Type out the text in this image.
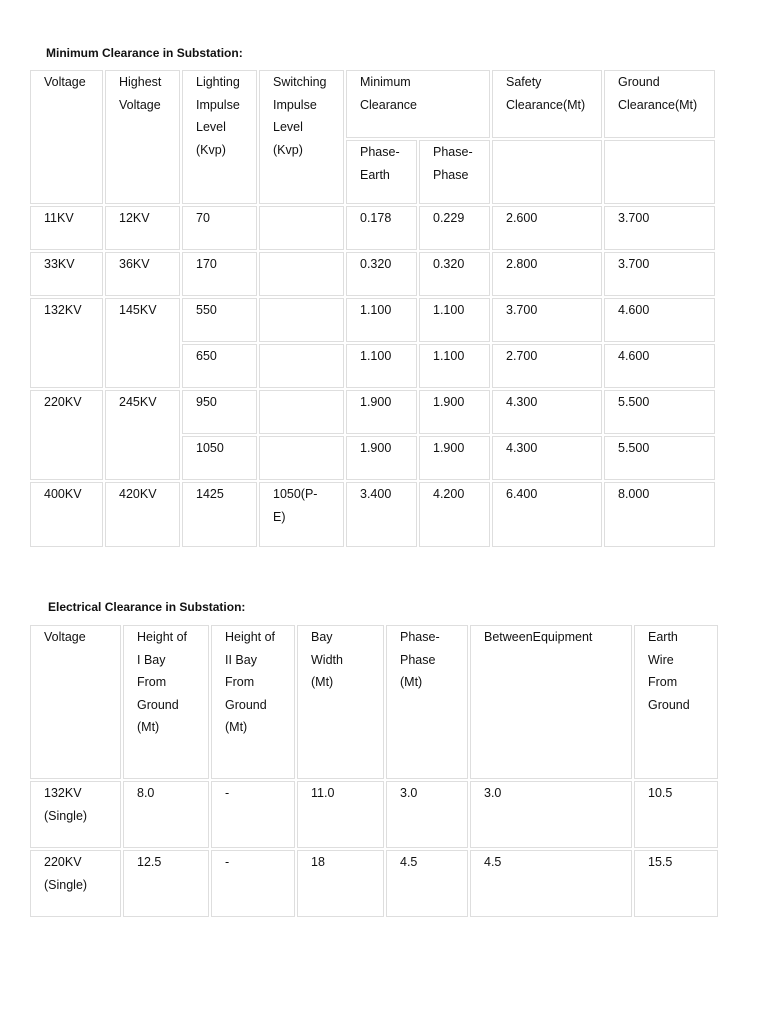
Minimum Clearance in Substation:
Voltage	Highest
Voltage	Lighting
Impulse
Level
(Kvp)	Switching
Impulse
Level
(Kvp)	Minimum
Clearance		Safety
Clearance(Mt)	Ground
Clearance(Mt)

				Phase-
Earth	Phase-
Phase		

11KV	12KV	70		0.178	0.229	2.600	3.700

33KV	36KV	170		0.320	0.320	2.800	3.700

132KV	145KV	550		1.100	1.100	3.700	4.600

		650		1.100	1.100	2.700	4.600

220KV	245KV	950		1.900	1.900	4.300	5.500

		1050		1.900	1.900	4.300	5.500

400KV	420KV	1425	1050(P-
E)	3.400	4.200	6.400	8.000
Electrical Clearance in Substation:
Voltage	Height of
I Bay
From
Ground
(Mt)	Height of
II Bay
From
Ground
(Mt)	Bay
Width
(Mt)	Phase-
Phase
(Mt)	BetweenEquipment	Earth
Wire
From
Ground

132KV
(Single)	8.0	-	11.0	3.0	3.0	10.5

220KV
(Single)	12.5	-	18	4.5	4.5	15.5
